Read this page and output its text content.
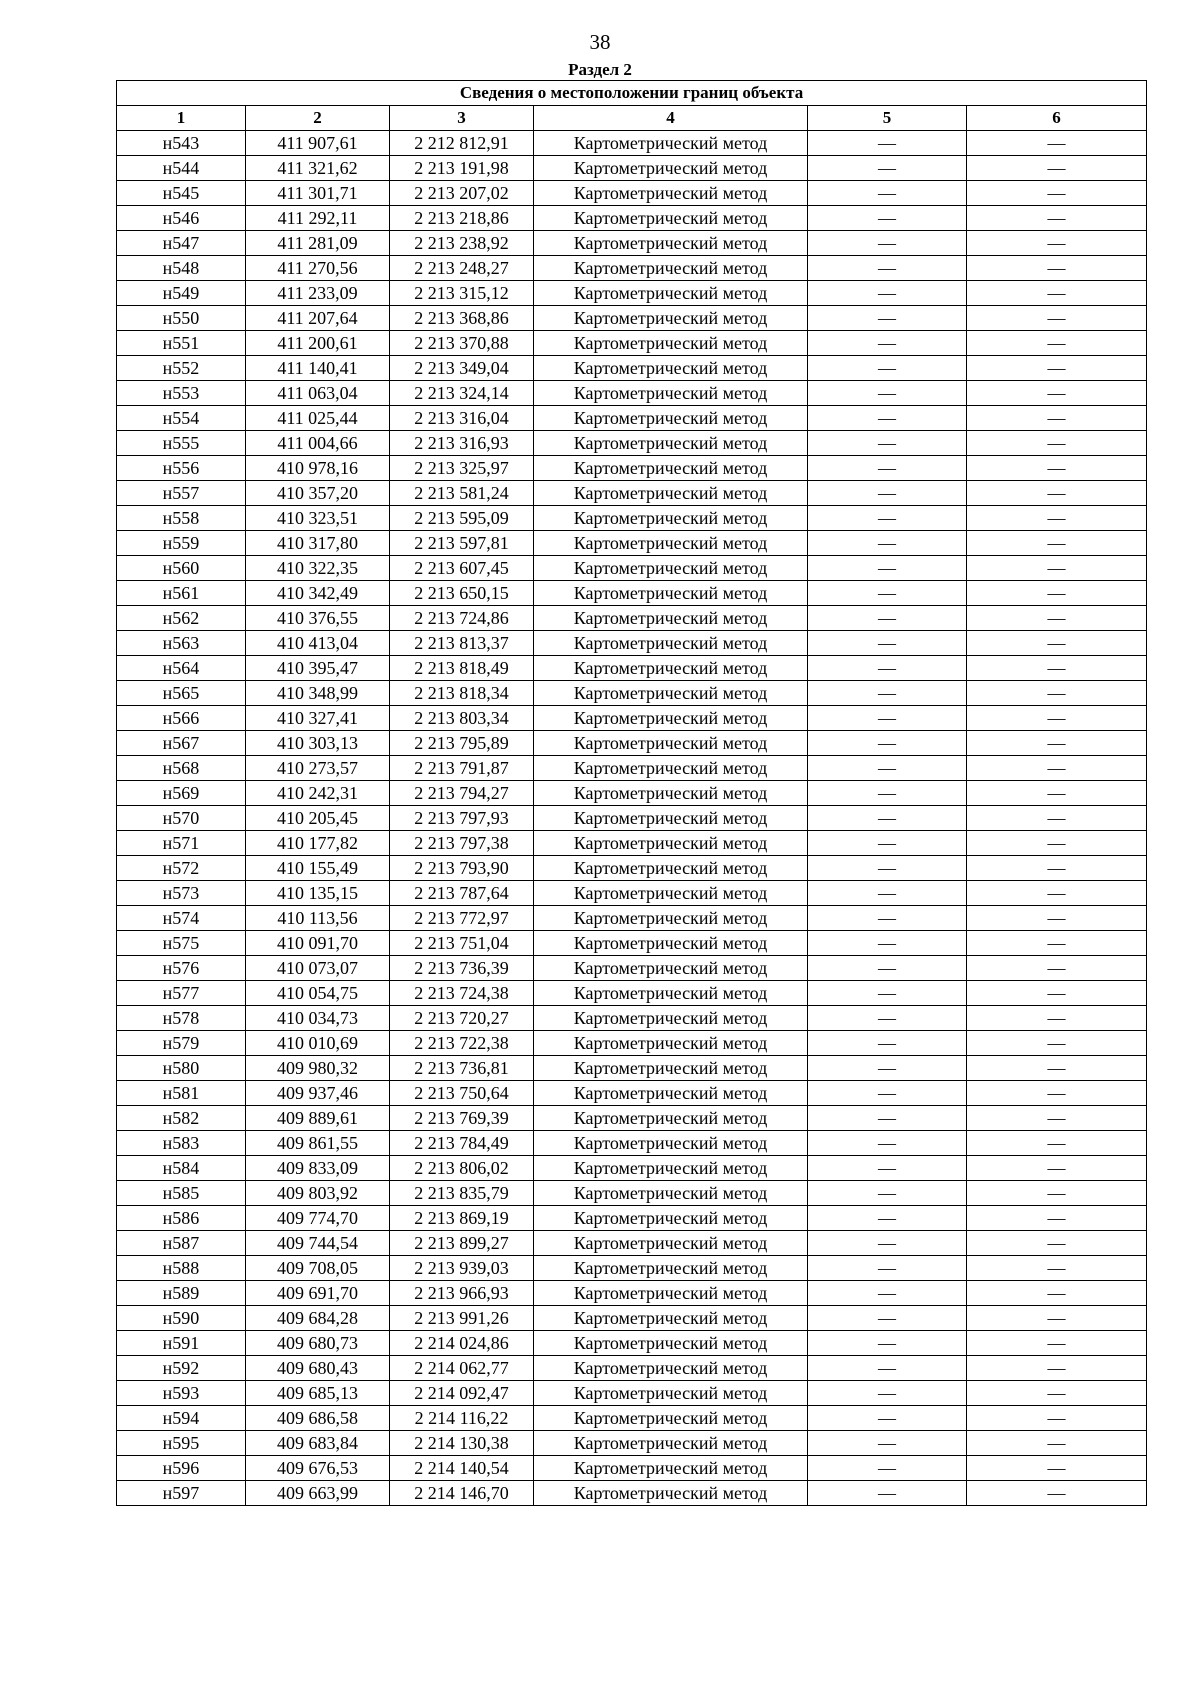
38
Раздел 2
Сведения о местоположении границ объекта					
1	2	3	4	5	6
н543	411 907,61	2 212 812,91	Картометрический метод	—	—
н544	411 321,62	2 213 191,98	Картометрический метод	—	—
н545	411 301,71	2 213 207,02	Картометрический метод	—	—
н546	411 292,11	2 213 218,86	Картометрический метод	—	—
н547	411 281,09	2 213 238,92	Картометрический метод	—	—
н548	411 270,56	2 213 248,27	Картометрический метод	—	—
н549	411 233,09	2 213 315,12	Картометрический метод	—	—
н550	411 207,64	2 213 368,86	Картометрический метод	—	—
н551	411 200,61	2 213 370,88	Картометрический метод	—	—
н552	411 140,41	2 213 349,04	Картометрический метод	—	—
н553	411 063,04	2 213 324,14	Картометрический метод	—	—
н554	411 025,44	2 213 316,04	Картометрический метод	—	—
н555	411 004,66	2 213 316,93	Картометрический метод	—	—
н556	410 978,16	2 213 325,97	Картометрический метод	—	—
н557	410 357,20	2 213 581,24	Картометрический метод	—	—
н558	410 323,51	2 213 595,09	Картометрический метод	—	—
н559	410 317,80	2 213 597,81	Картометрический метод	—	—
н560	410 322,35	2 213 607,45	Картометрический метод	—	—
н561	410 342,49	2 213 650,15	Картометрический метод	—	—
н562	410 376,55	2 213 724,86	Картометрический метод	—	—
н563	410 413,04	2 213 813,37	Картометрический метод	—	—
н564	410 395,47	2 213 818,49	Картометрический метод	—	—
н565	410 348,99	2 213 818,34	Картометрический метод	—	—
н566	410 327,41	2 213 803,34	Картометрический метод	—	—
н567	410 303,13	2 213 795,89	Картометрический метод	—	—
н568	410 273,57	2 213 791,87	Картометрический метод	—	—
н569	410 242,31	2 213 794,27	Картометрический метод	—	—
н570	410 205,45	2 213 797,93	Картометрический метод	—	—
н571	410 177,82	2 213 797,38	Картометрический метод	—	—
н572	410 155,49	2 213 793,90	Картометрический метод	—	—
н573	410 135,15	2 213 787,64	Картометрический метод	—	—
н574	410 113,56	2 213 772,97	Картометрический метод	—	—
н575	410 091,70	2 213 751,04	Картометрический метод	—	—
н576	410 073,07	2 213 736,39	Картометрический метод	—	—
н577	410 054,75	2 213 724,38	Картометрический метод	—	—
н578	410 034,73	2 213 720,27	Картометрический метод	—	—
н579	410 010,69	2 213 722,38	Картометрический метод	—	—
н580	409 980,32	2 213 736,81	Картометрический метод	—	—
н581	409 937,46	2 213 750,64	Картометрический метод	—	—
н582	409 889,61	2 213 769,39	Картометрический метод	—	—
н583	409 861,55	2 213 784,49	Картометрический метод	—	—
н584	409 833,09	2 213 806,02	Картометрический метод	—	—
н585	409 803,92	2 213 835,79	Картометрический метод	—	—
н586	409 774,70	2 213 869,19	Картометрический метод	—	—
н587	409 744,54	2 213 899,27	Картометрический метод	—	—
н588	409 708,05	2 213 939,03	Картометрический метод	—	—
н589	409 691,70	2 213 966,93	Картометрический метод	—	—
н590	409 684,28	2 213 991,26	Картометрический метод	—	—
н591	409 680,73	2 214 024,86	Картометрический метод	—	—
н592	409 680,43	2 214 062,77	Картометрический метод	—	—
н593	409 685,13	2 214 092,47	Картометрический метод	—	—
н594	409 686,58	2 214 116,22	Картометрический метод	—	—
н595	409 683,84	2 214 130,38	Картометрический метод	—	—
н596	409 676,53	2 214 140,54	Картометрический метод	—	—
н597	409 663,99	2 214 146,70	Картометрический метод	—	—
